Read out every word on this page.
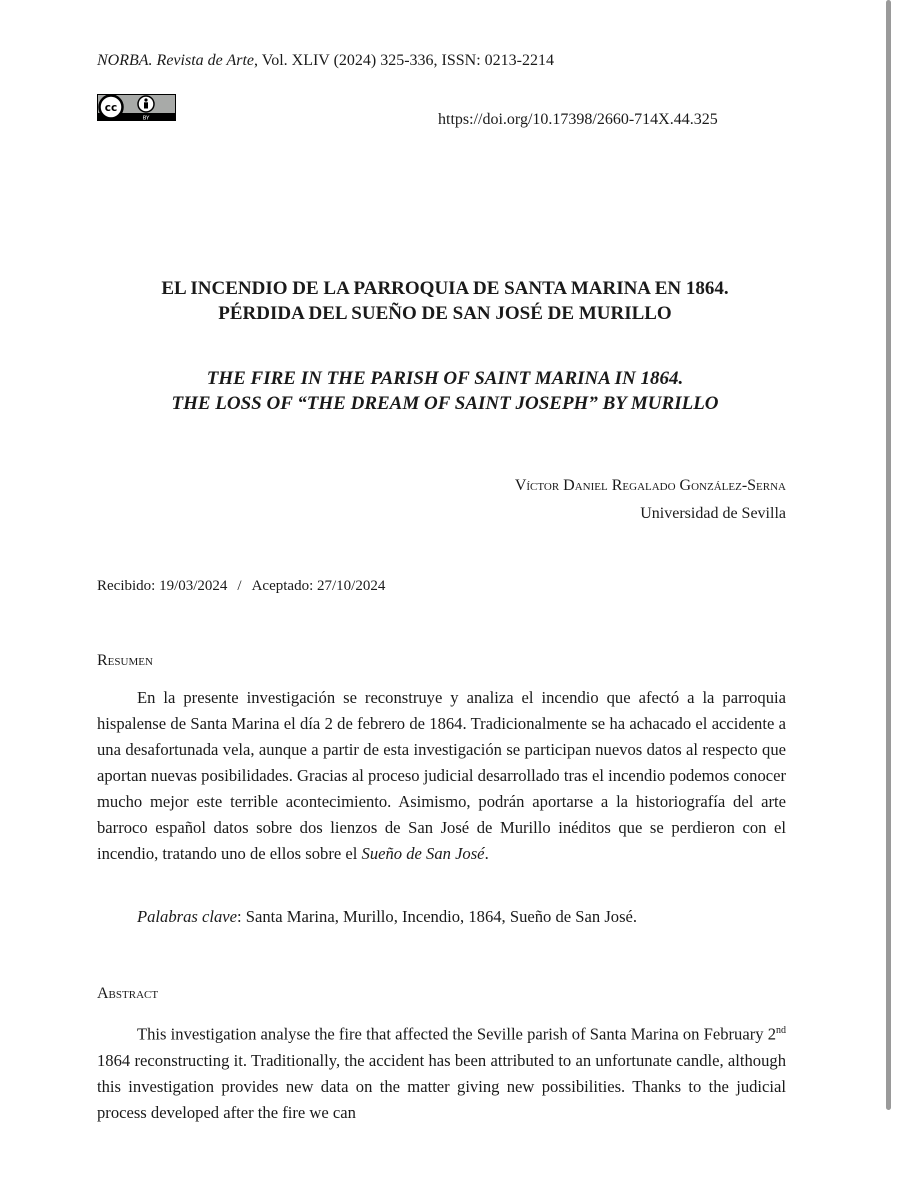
NORBA. Revista de Arte, Vol. XLIV (2024) 325-336, ISSN: 0213-2214
cc
BY	https://doi.org/10.17398/2660-714X.44.325
EL INCENDIO DE LA PARROQUIA DE SANTA MARINA EN 1864.
PÉRDIDA DEL SUEÑO DE SAN JOSÉ DE MURILLO
THE FIRE IN THE PARISH OF SAINT MARINA IN 1864.
THE LOSS OF “THE DREAM OF SAINT JOSEPH” BY MURILLO
Víctor Daniel Regalado González-Serna
Universidad de Sevilla
Recibido: 19/03/2024 / Aceptado: 27/10/2024
Resumen

En la presente investigación se reconstruye y analiza el incendio que afectó a la parroquia hispalense de Santa Marina el día 2 de febrero de 1864. Tradicionalmente se ha achacado el accidente a una desafortunada vela, aunque a partir de esta investigación se participan nuevos datos al respecto que aportan nuevas posibilidades. Gracias al proceso judicial desarrollado tras el incendio podemos conocer mucho mejor este terrible acontecimiento. Asimismo, podrán aportarse a la historiografía del arte barroco español datos sobre dos lienzos de San José de Murillo inéditos que se perdieron con el incendio, tratando uno de ellos sobre el Sueño de San José.

Palabras clave: Santa Marina, Murillo, Incendio, 1864, Sueño de San José.
Abstract

This investigation analyse the fire that affected the Seville parish of Santa Marina on February 2nd 1864 reconstructing it. Traditionally, the accident has been attributed to an unfortunate candle, although this investigation provides new data on the matter giving new possibilities. Thanks to the judicial process developed after the fire we can
